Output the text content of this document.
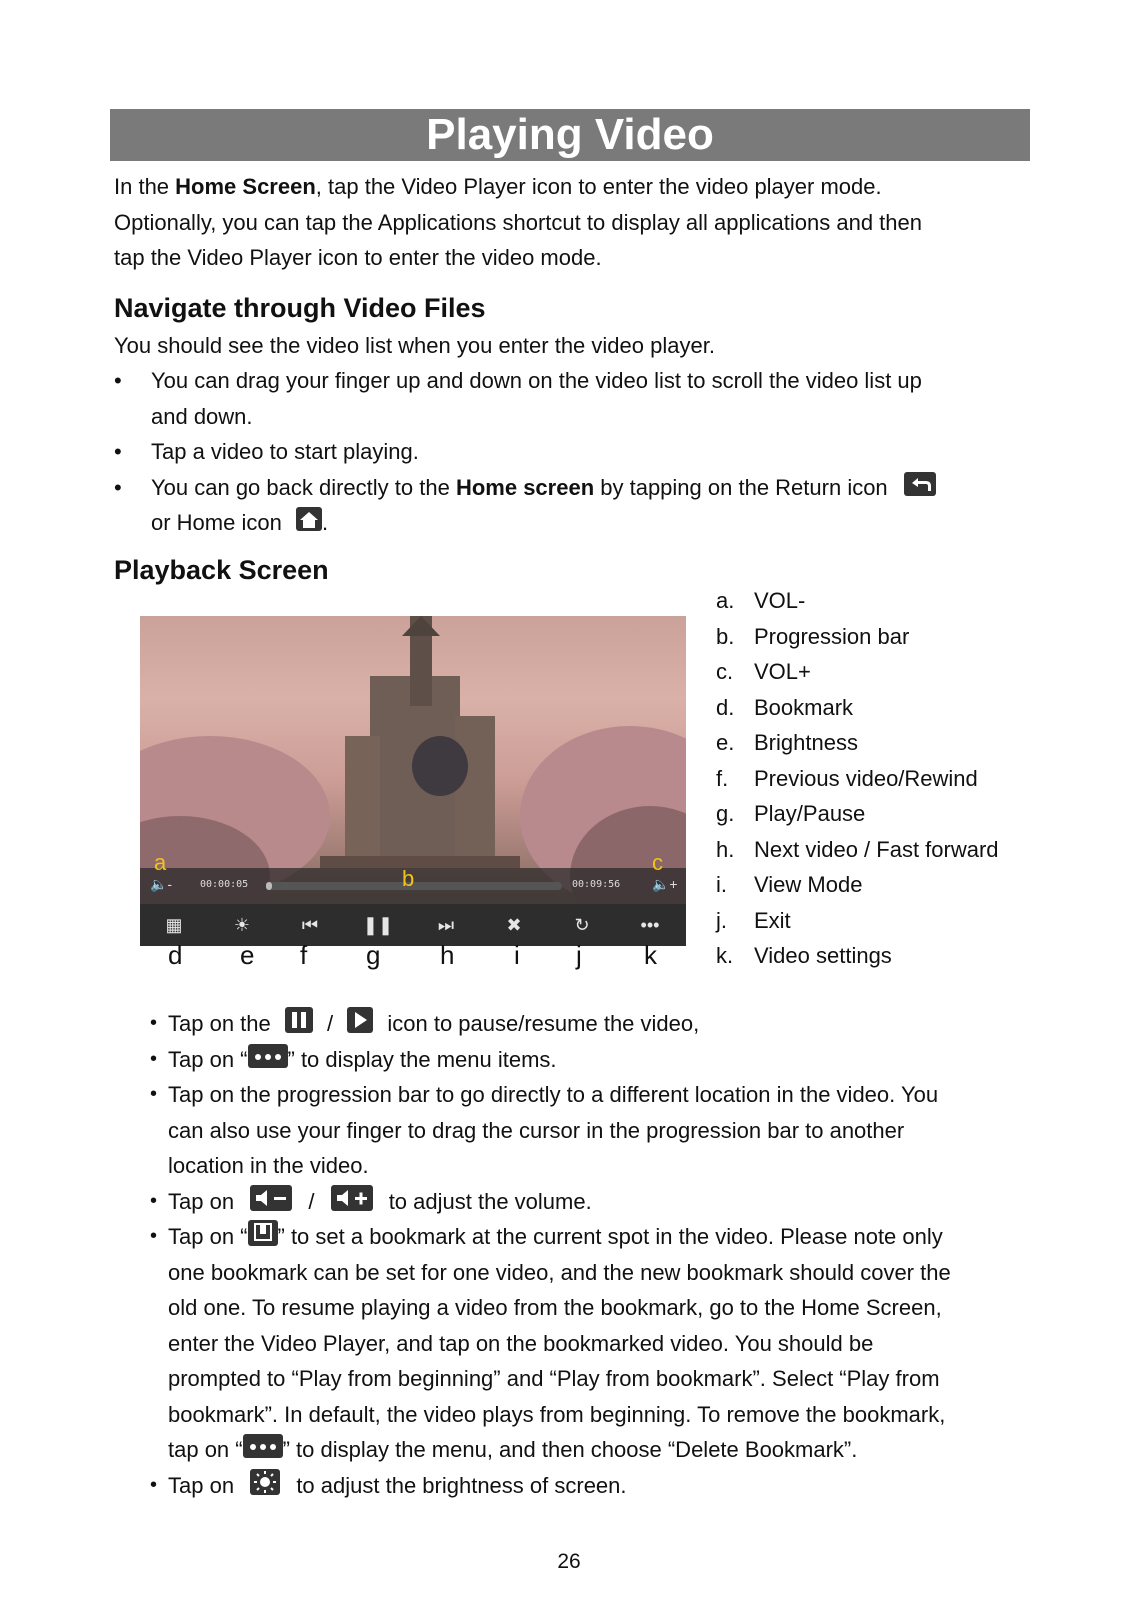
Playing Video
In the Home Screen, tap the Video Player icon to enter the video player mode.
Optionally, you can tap the Applications shortcut to display all applications and then
tap the Video Player icon to enter the video mode.
Navigate through Video Files
You should see the video list when you enter the video player.
• You can drag your finger up and down on the video list to scroll the video list up
and down.
• Tap a video to start playing.
• You can go back directly to the Home screen by tapping on the Return icon
or Home icon .
Playback Screen
a. VOL-
b. Progression bar
c. VOL+
d. Bookmark
e. Brightness
f.	Previous video/Rewind
g. Play/Pause
h. Next video / Fast forward
i.	View Mode
j.	Exit
k. Video settings
🔈-	00:00:05	00:09:56 🔈+
a
b
c
▦	☀	⏮	❚❚	⏭	✖	↻	•••
d e f g h i j k
• Tap on the	/ icon to pause/resume the video,
• Tap on “ ” to display the menu items.
• Tap on the progression bar to go directly to a different location in the video. You
can also use your finger to drag the cursor in the progression bar to another
location in the video.
• Tap on	/	to adjust the volume.
• Tap on “ ” to set a bookmark at the current spot in the video. Please note only
one bookmark can be set for one video, and the new bookmark should cover the
old one. To resume playing a video from the bookmark, go to the Home Screen,
enter the Video Player, and tap on the bookmarked video. You should be
prompted to “Play from beginning” and “Play from bookmark”. Select “Play from
bookmark”. In default, the video plays from beginning. To remove the bookmark,
tap on “ ” to display the menu, and then choose “Delete Bookmark”.
• Tap on	to adjust the brightness of screen.
26
